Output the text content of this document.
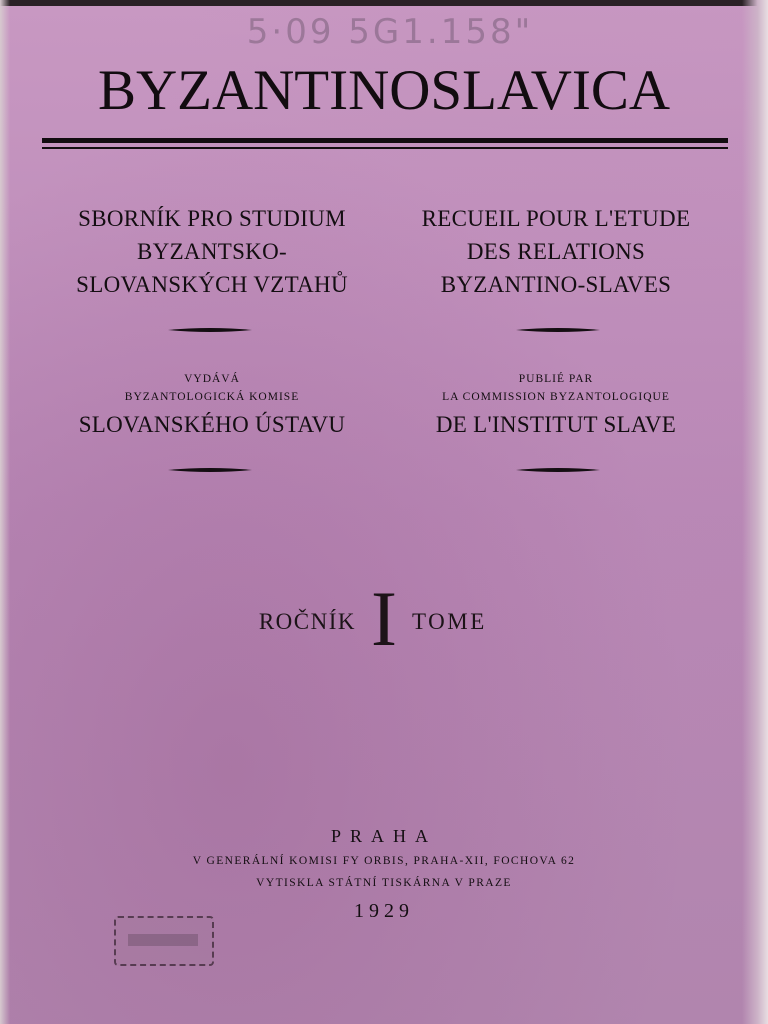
5·09 5G1.158"
BYZANTINOSLAVICA
SBORNÍK PRO STUDIUM
BYZANTSKO-
SLOVANSKÝCH VZTAHŮ
RECUEIL POUR L'ETUDE
DES RELATIONS
BYZANTINO-SLAVES
VYDÁVÁ
BYZANTOLOGICKÁ KOMISE
SLOVANSKÉHO ÚSTAVU
PUBLIÉ PAR
LA COMMISSION BYZANTOLOGIQUE
DE L'INSTITUT SLAVE
ROČNÍK I TOME
PRAHA
V GENERÁLNÍ KOMISI FY ORBIS, PRAHA-XII, FOCHOVA 62
VYTISKLA STÁTNÍ TISKÁRNA V PRAZE
1929
